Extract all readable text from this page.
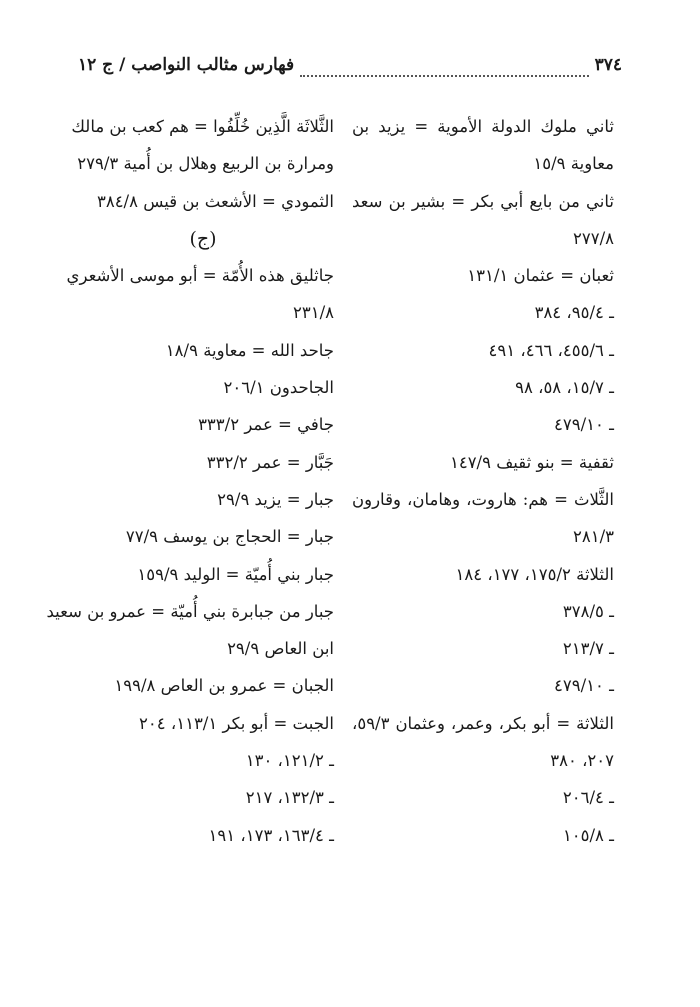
٣٧٤
فهارس مثالب النواصب / ج ١٢
ثاني ملوك الدولة الأموية = يزيد بن
معاوية ١٥/٩
ثاني من بايع أبي بكر = بشير بن سعد
٢٧٧/٨
ثعبان = عثمان ١٣١/١
ـ ٩٥/٤، ٣٨٤
ـ ٤٥٥/٦، ٤٦٦، ٤٩١
ـ ١٥/٧، ٥٨، ٩٨
ـ ٤٧٩/١٠
ثقفية = بنو ثقيف ١٤٧/٩
الثَّلاث = هم: هاروت، وهامان، وقارون
٢٨١/٣
الثلاثة ١٧٥/٢، ١٧٧، ١٨٤
ـ ٣٧٨/٥
ـ ٢١٣/٧
ـ ٤٧٩/١٠
الثلاثة = أبو بكر، وعمر، وعثمان ٥٩/٣،
٢٠٧، ٣٨٠
ـ ٢٠٦/٤
ـ ١٠٥/٨
الثَّلاثَة الَّذِين خُلِّفُوا = هم كعب بن مالك
ومرارة بن الربيع وهلال بن أُمية ٢٧٩/٣
الثمودي = الأشعث بن قيس ٣٨٤/٨
(ج)
جاثليق هذه الأُمّة = أبو موسى الأشعري
٢٣١/٨
جاحد الله = معاوية ١٨/٩
الجاحدون ٢٠٦/١
جافي = عمر ٣٣٣/٢
جَبَّار = عمر ٣٣٢/٢
جبار = يزيد ٢٩/٩
جبار = الحجاج بن يوسف ٧٧/٩
جبار بني أُميّة = الوليد ١٥٩/٩
جبار من جبابرة بني أُميّة = عمرو بن سعيد
ابن العاص ٢٩/٩
الجبان = عمرو بن العاص ١٩٩/٨
الجبت = أبو بكر ١١٣/١، ٢٠٤
ـ ١٢١/٢، ١٣٠
ـ ١٣٢/٣، ٢١٧
ـ ١٦٣/٤، ١٧٣، ١٩١
